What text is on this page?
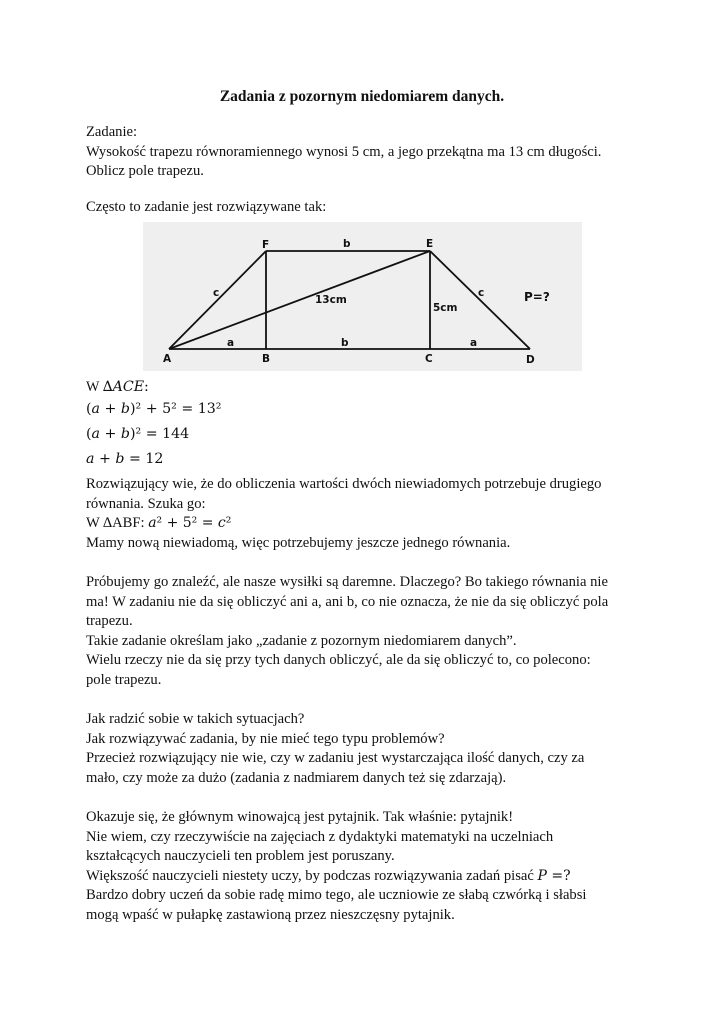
Zadania z pozornym niedomiarem danych.

Zadanie:

Wysokość trapezu równoramiennego wynosi 5 cm, a jego przekątna ma 13 cm długości.

Oblicz pole trapezu.

Często to zadanie jest rozwiązywane tak:

A	B	C	D
E
F
c	c
a	a
b
b
13cm
5cm
P=?
W ∆𝐴𝐶𝐸:
(𝑎 + 𝑏)² + 5² = 13²
(𝑎 + 𝑏)² = 144
𝑎 + 𝑏 = 12

Rozwiązujący wie, że do obliczenia wartości dwóch niewiadomych potrzebuje drugiego

równania. Szuka go:

W ∆ABF: 𝑎² + 5² = 𝑐²

Mamy nową niewiadomą, więc potrzebujemy jeszcze jednego równania.

Próbujemy go znaleźć, ale nasze wysiłki są daremne. Dlaczego? Bo takiego równania nie

ma! W zadaniu nie da się obliczyć ani a, ani b, co nie oznacza, że nie da się obliczyć pola

trapezu.

Takie zadanie określam jako „zadanie z pozornym niedomiarem danych”.

Wielu rzeczy nie da się przy tych danych obliczyć, ale da się obliczyć to, co polecono:

pole trapezu.

Jak radzić sobie w takich sytuacjach?

Jak rozwiązywać zadania, by nie mieć tego typu problemów?

Przecież rozwiązujący nie wie, czy w zadaniu jest wystarczająca ilość danych, czy za

mało, czy może za dużo (zadania z nadmiarem danych też się zdarzają).

Okazuje się, że głównym winowajcą jest pytajnik. Tak właśnie: pytajnik!

Nie wiem, czy rzeczywiście na zajęciach z dydaktyki matematyki na uczelniach

kształcących nauczycieli ten problem jest poruszany.

Większość nauczycieli niestety uczy, by podczas rozwiązywania zadań pisać 𝑃 =?

Bardzo dobry uczeń da sobie radę mimo tego, ale uczniowie ze słabą czwórką i słabsi

mogą wpaść w pułapkę zastawioną przez nieszczęsny pytajnik.
